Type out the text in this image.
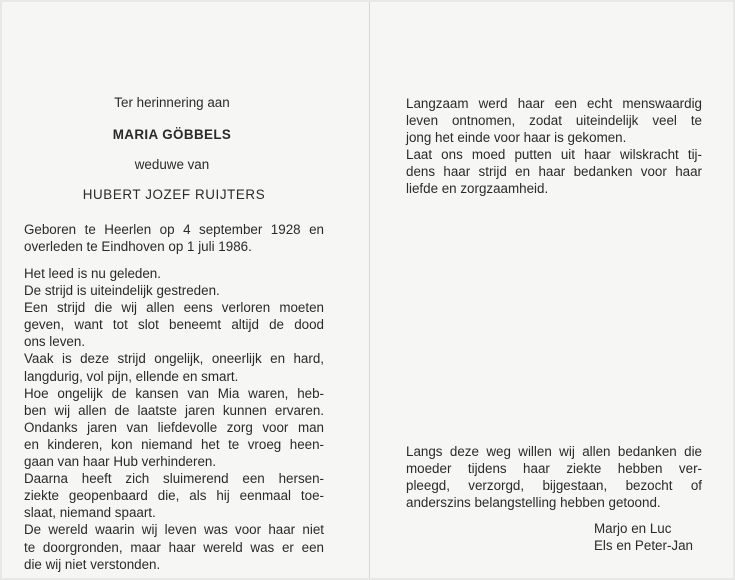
Ter herinnering aan
MARIA GÖBBELS
weduwe van
HUBERT JOZEF RUIJTERS
Geboren te Heerlen op 4 september 1928 en
overleden te Eindhoven op 1 juli 1986.
Het leed is nu geleden.
De strijd is uiteindelijk gestreden.
Een strijd die wij allen eens verloren moeten
geven, want tot slot beneemt altijd de dood
ons leven.
Vaak is deze strijd ongelijk, oneerlijk en hard,
langdurig, vol pijn, ellende en smart.
Hoe ongelijk de kansen van Mia waren, heb-
ben wij allen de laatste jaren kunnen ervaren.
Ondanks jaren van liefdevolle zorg voor man
en kinderen, kon niemand het te vroeg heen-
gaan van haar Hub verhinderen.
Daarna heeft zich sluimerend een hersen-
ziekte geopenbaard die, als hij eenmaal toe-
slaat, niemand spaart.
De wereld waarin wij leven was voor haar niet
te doorgronden, maar haar wereld was er een
die wij niet verstonden.
Langzaam werd haar een echt menswaardig
leven ontnomen, zodat uiteindelijk veel te
jong het einde voor haar is gekomen.
Laat ons moed putten uit haar wilskracht tij-
dens haar strijd en haar bedanken voor haar
liefde en zorgzaamheid.
Langs deze weg willen wij allen bedanken die
moeder tijdens haar ziekte hebben ver-
pleegd, verzorgd, bijgestaan, bezocht of
anderszins belangstelling hebben getoond.
Marjo en Luc
Els en Peter-Jan
